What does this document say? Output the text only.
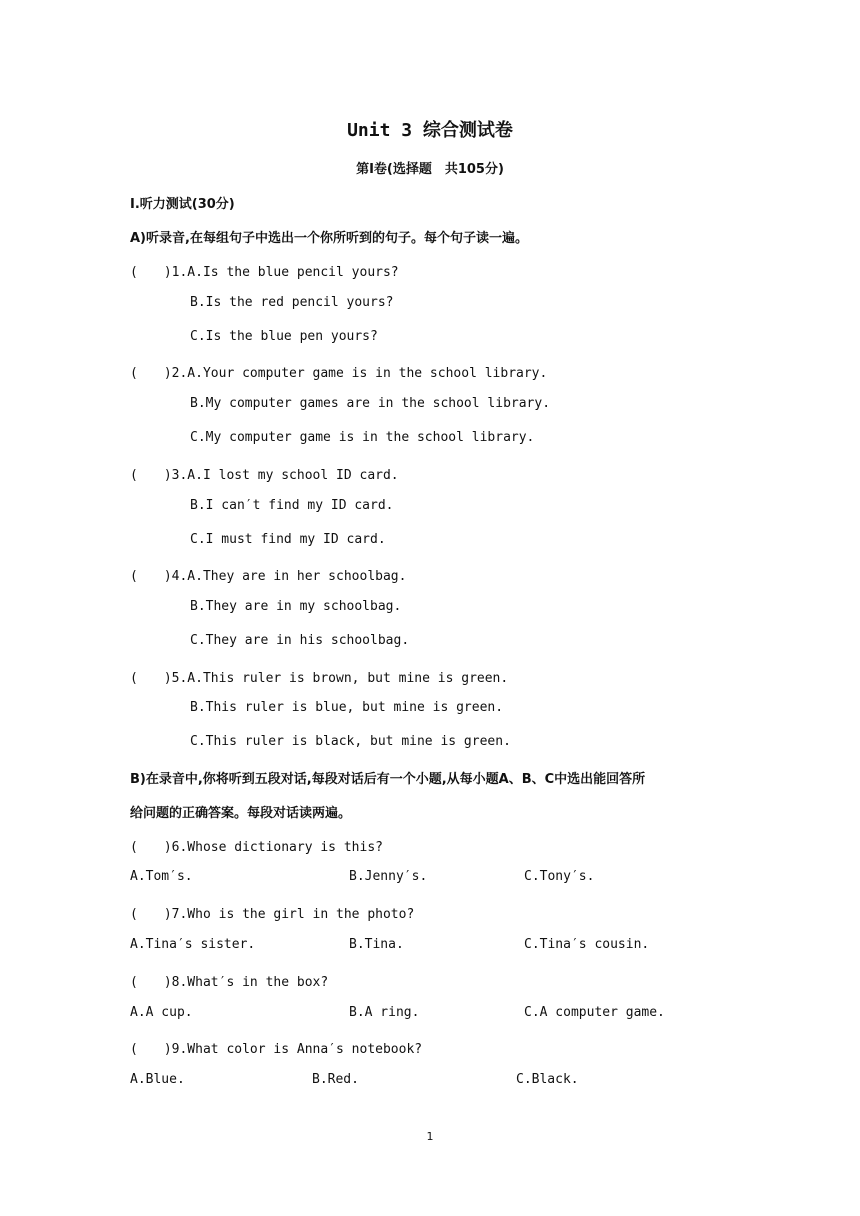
Unit 3 综合测试卷
第Ⅰ卷(选择题　共105分)
Ⅰ.听力测试(30分)
A)听录音,在每组句子中选出一个你所听到的句子。每个句子读一遍。
(　　)1.A.Is the blue pencil yours?
B.Is the red pencil yours?
C.Is the blue pen yours?
(　　)2.A.Your computer game is in the school library.
B.My computer games are in the school library.
C.My computer game is in the school library.
(　　)3.A.I lost my school ID card.
B.I can′t find my ID card.
C.I must find my ID card.
(　　)4.A.They are in her schoolbag.
B.They are in my schoolbag.
C.They are in his schoolbag.
(　　)5.A.This ruler is brown, but mine is green.
B.This ruler is blue, but mine is green.
C.This ruler is black, but mine is green.
B)在录音中,你将听到五段对话,每段对话后有一个小题,从每小题A、B、C中选出能回答所
给问题的正确答案。每段对话读两遍。
(　　)6.Whose dictionary is this?
A.Tom′s.	B.Jenny′s.	C.Tony′s.
(　　)7.Who is the girl in the photo?
A.Tina′s sister.	B.Tina.	C.Tina′s cousin.
(　　)8.What′s in the box?
A.A cup.	B.A ring.	C.A computer game.
(　　)9.What color is Anna′s notebook?
A.Blue.	B.Red.	C.Black.
1
